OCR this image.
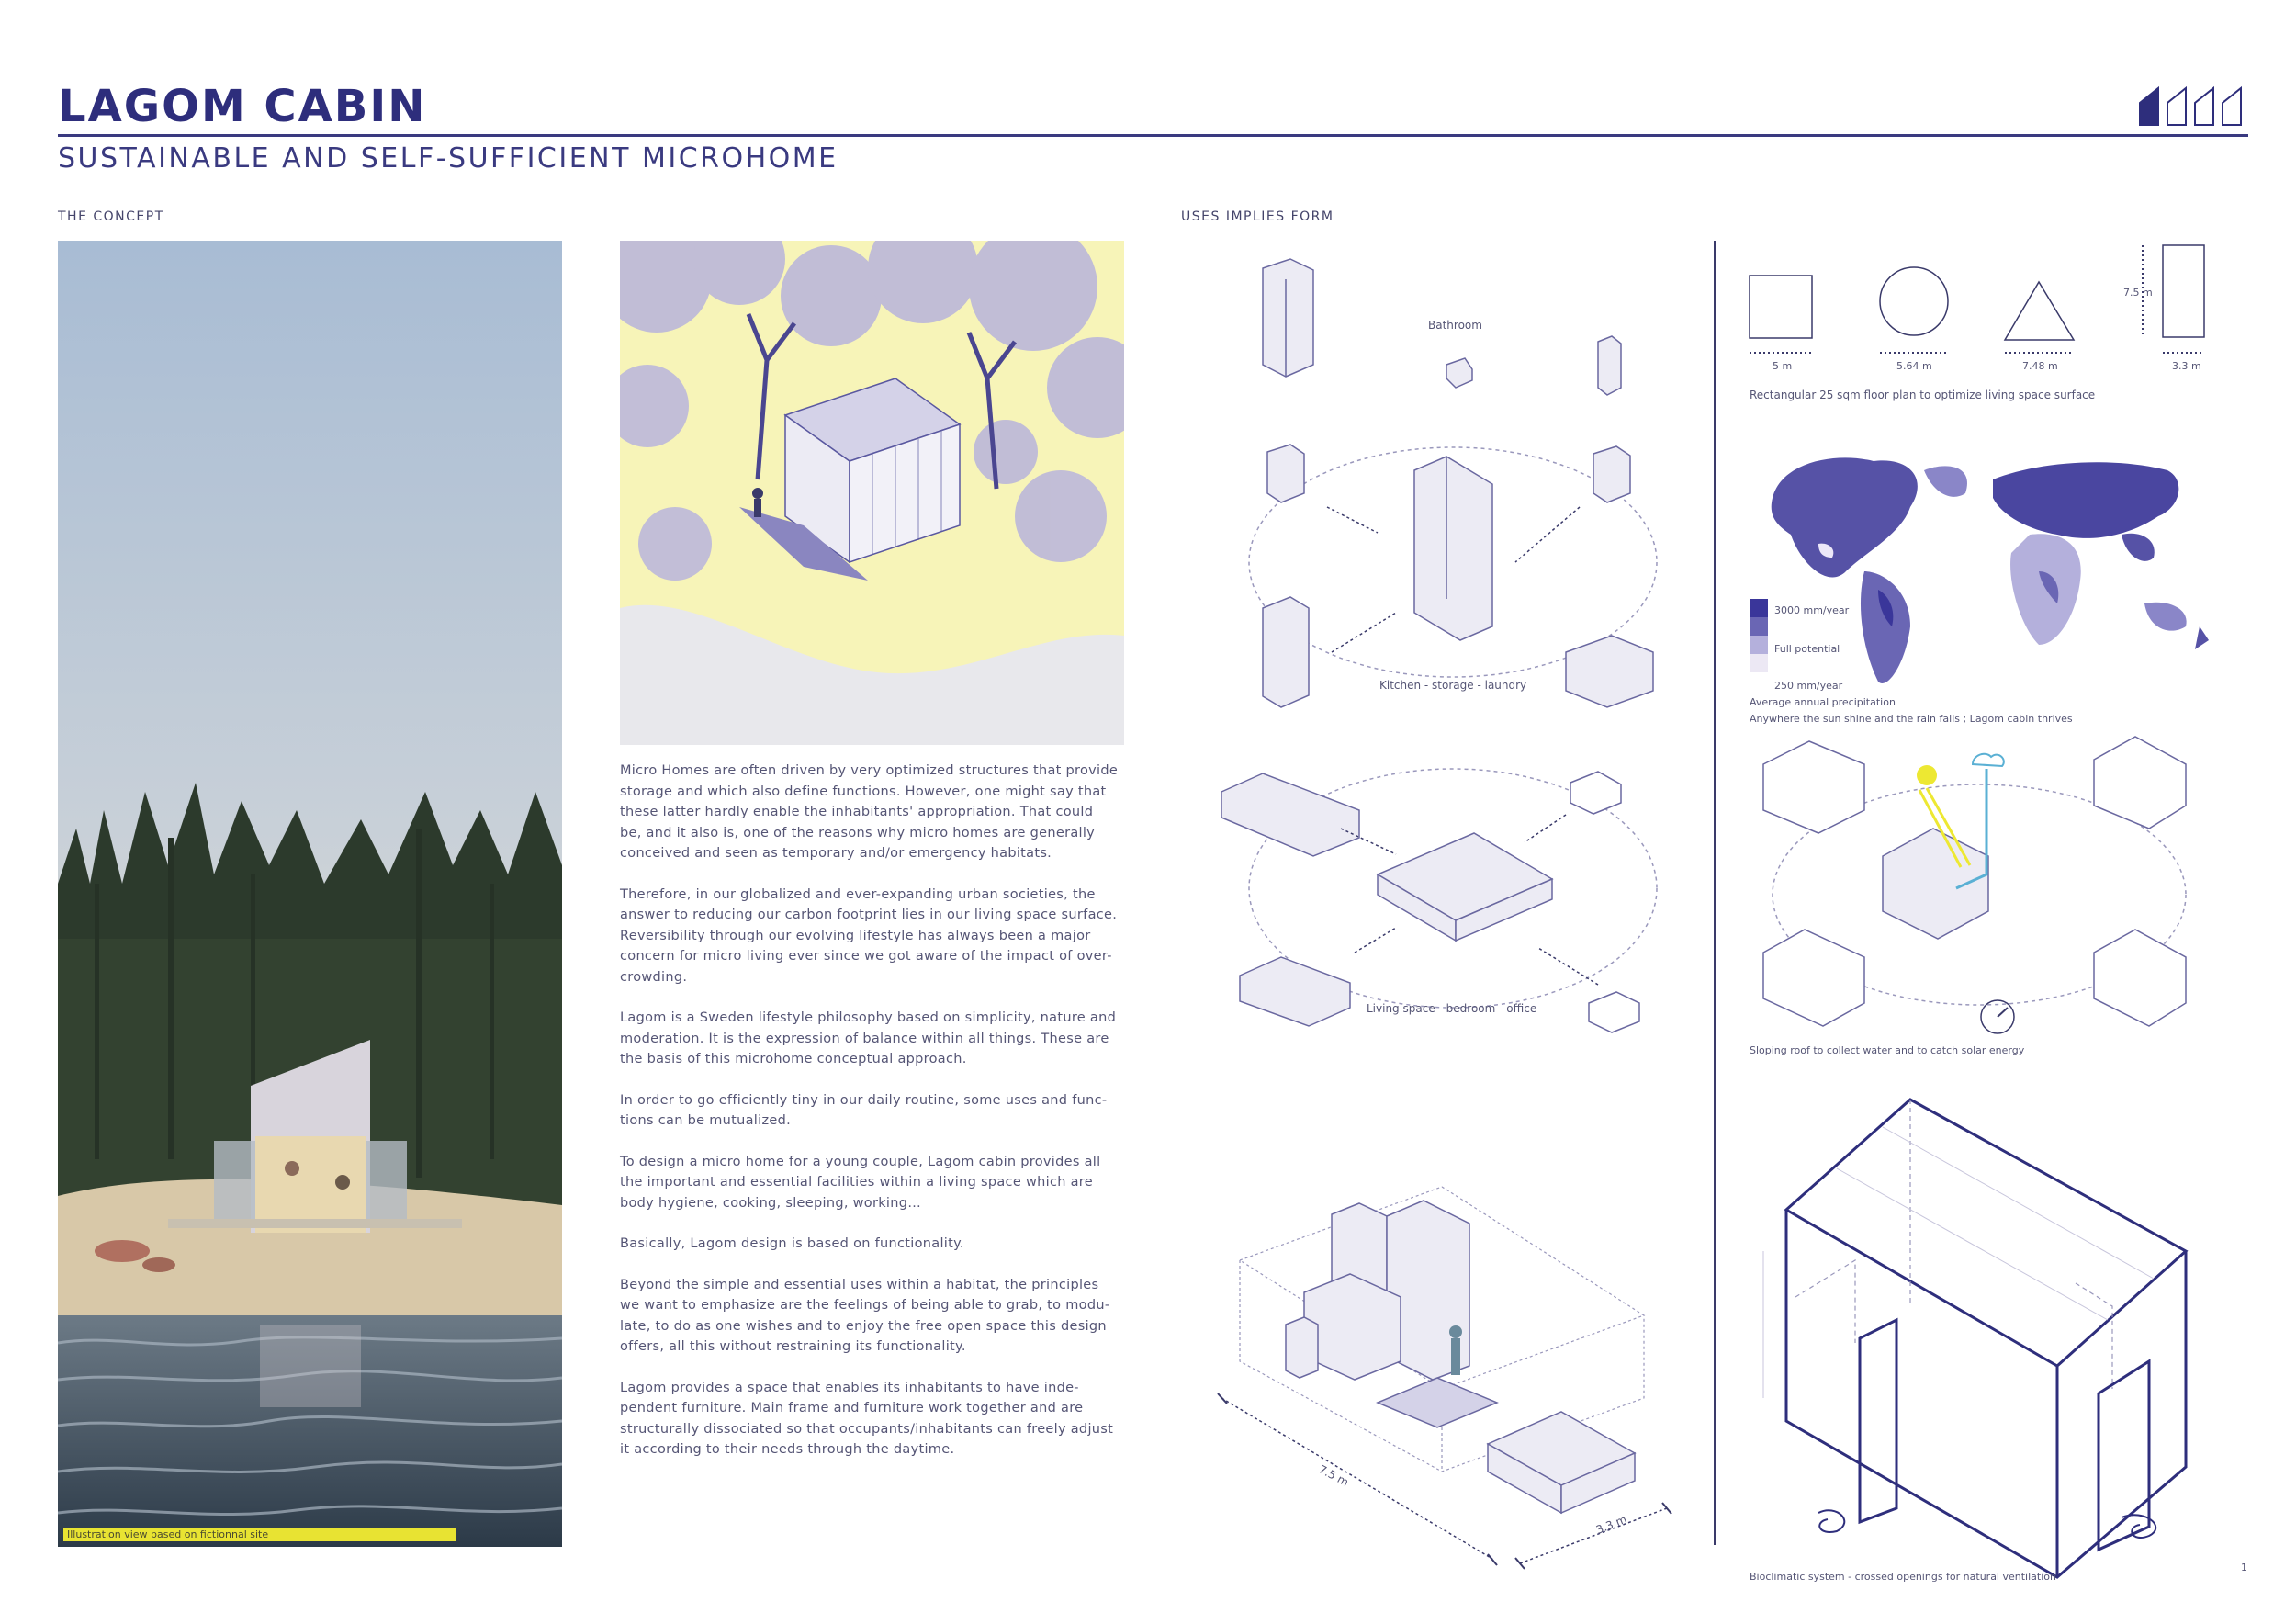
LAGOM CABIN
SUSTAINABLE AND SELF-SUFFICIENT MICROHOME
THE CONCEPT	USES IMPLIES FORM
Illustration view based on fictionnal site

Micro Homes are often driven by very optimized structures that provide
storage and which also define functions. However, one might say that
these latter hardly enable the inhabitants' appropriation. That could
be, and it also is, one of the reasons why micro homes are generally
conceived and seen as temporary and/or emergency habitats.

Therefore, in our globalized and ever-expanding urban societies, the
answer to reducing our carbon footprint lies in our living space surface.
Reversibility through our evolving lifestyle has always been a major
concern for micro living ever since we got aware of the impact of over-
crowding.

Lagom is a Sweden lifestyle philosophy based on simplicity, nature and
moderation. It is the expression of balance within all things. These are
the basis of this microhome conceptual approach.

In order to go efficiently tiny in our daily routine, some uses and func-
tions can be mutualized.

To design a micro home for a young couple, Lagom cabin provides all
the important and essential facilities within a living space which are
body hygiene, cooking, sleeping, working…

Basically, Lagom design is based on functionality.

Beyond the simple and essential uses within a habitat, the principles
we want to emphasize are the feelings of being able to grab, to modu-
late, to do as one wishes and to enjoy the free open space this design
offers, all this without restraining its functionality.

Lagom provides a space that enables its inhabitants to have inde-
pendent furniture. Main frame and furniture work together and are
structurally dissociated so that occupants/inhabitants can freely adjust
it according to their needs through the daytime.

Bathroom
Kitchen - storage - laundry
Living space - bedroom - office
7.5 m
3.3 m
5 m	5.64 m	7.48 m	3.3 m
7.5 m
Rectangular 25 sqm floor plan to optimize living space surface
3000 mm/year
Full potential
250 mm/year
Average annual precipitation
Anywhere the sun shine and the rain falls ; Lagom cabin thrives
Sloping roof to collect water and to catch solar energy
Bioclimatic system - crossed openings for natural ventilation
1
